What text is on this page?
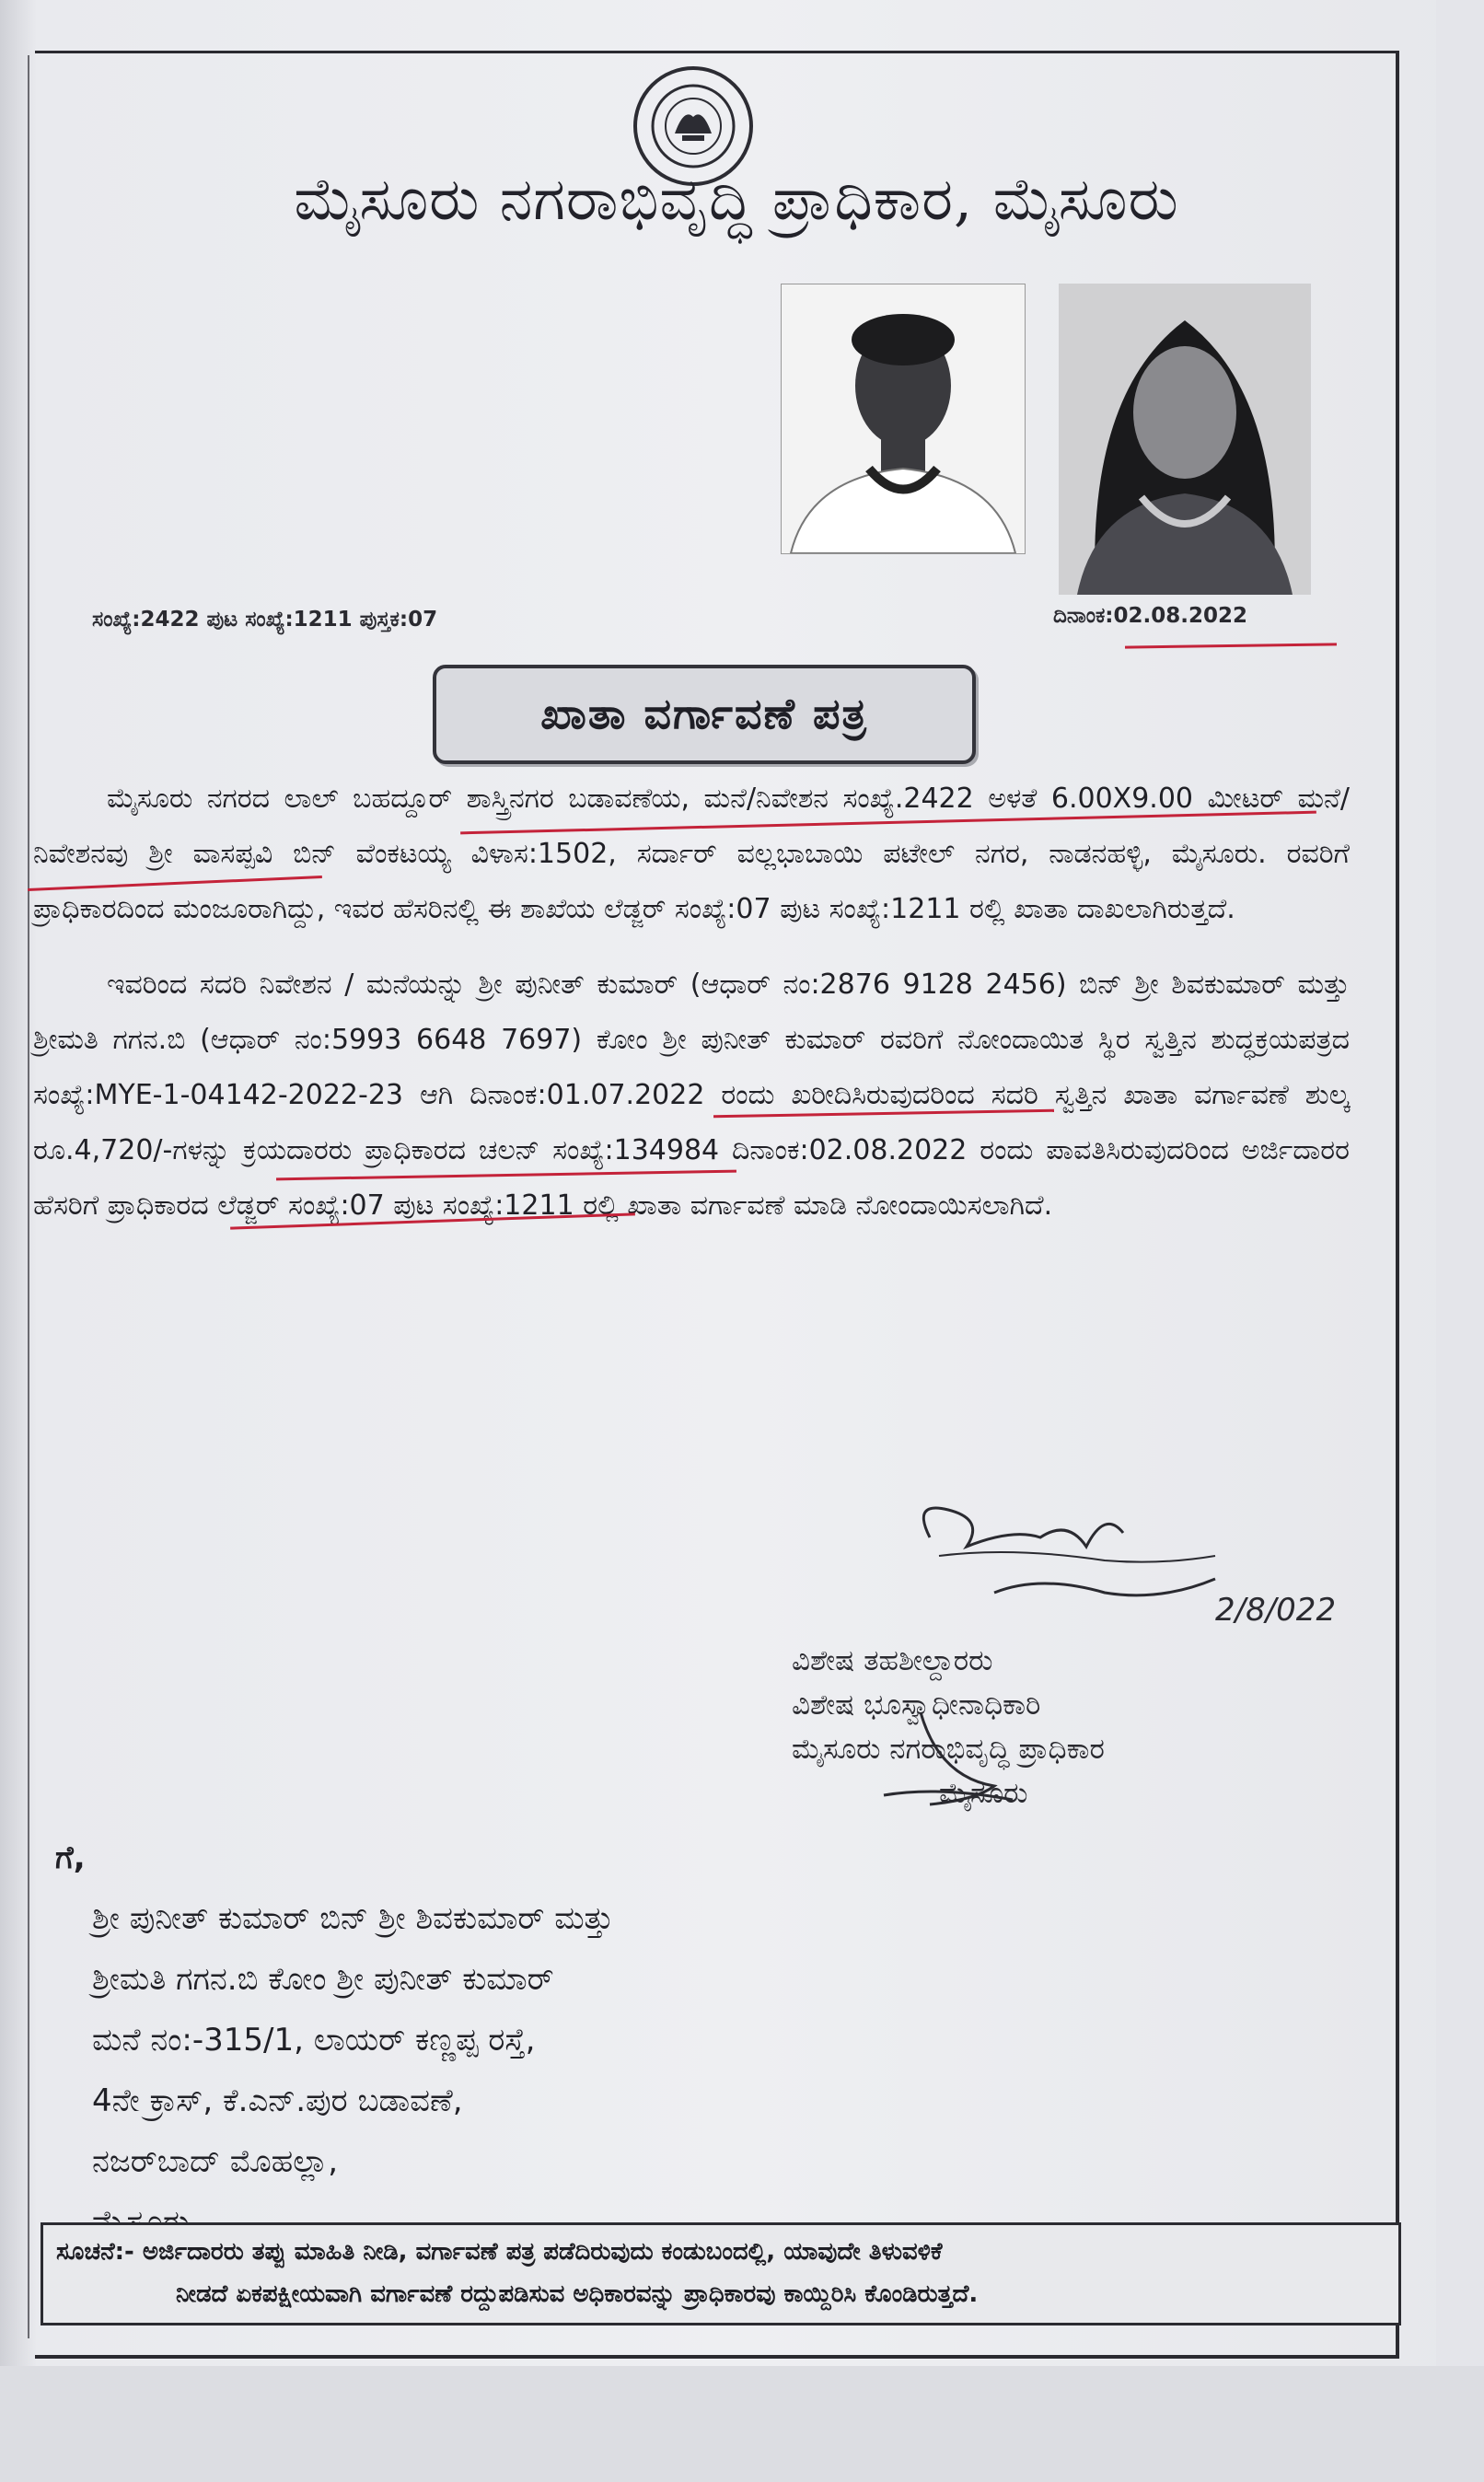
ಮೈಸೂರು ನಗರಾಭಿವೃದ್ಧಿ ಪ್ರಾಧಿಕಾರ, ಮೈಸೂರು
ಸಂಖ್ಯೆ:2422 ಪುಟ ಸಂಖ್ಯೆ:1211 ಪುಸ್ತಕ:07	ದಿನಾಂಕ:02.08.2022
ಖಾತಾ ವರ್ಗಾವಣೆ ಪತ್ರ

ಮೈಸೂರು ನಗರದ ಲಾಲ್ ಬಹದ್ದೂರ್ ಶಾಸ್ತ್ರಿನಗರ ಬಡಾವಣೆಯ, ಮನೆ/ನಿವೇಶನ ಸಂಖ್ಯೆ.2422 ಅಳತೆ 6.00X9.00 ಮೀಟರ್ ಮನೆ/ನಿವೇಶನವು ಶ್ರೀ ವಾಸಪ್ಪವಿ ಬಿನ್ ವೆಂಕಟಯ್ಯ ವಿಳಾಸ:1502, ಸರ್ದಾರ್ ವಲ್ಲಭಾಬಾಯಿ ಪಟೇಲ್ ನಗರ, ನಾಡನಹಳ್ಳಿ, ಮೈಸೂರು. ರವರಿಗೆ ಪ್ರಾಧಿಕಾರದಿಂದ ಮಂಜೂರಾಗಿದ್ದು, ಇವರ ಹೆಸರಿನಲ್ಲಿ ಈ ಶಾಖೆಯ ಲೆಡ್ಜರ್ ಸಂಖ್ಯೆ:07 ಪುಟ ಸಂಖ್ಯೆ:1211 ರಲ್ಲಿ ಖಾತಾ ದಾಖಲಾಗಿರುತ್ತದೆ.

ಇವರಿಂದ ಸದರಿ ನಿವೇಶನ / ಮನೆಯನ್ನು ಶ್ರೀ ಪುನೀತ್ ಕುಮಾರ್ (ಆಧಾರ್ ನಂ:2876 9128 2456) ಬಿನ್ ಶ್ರೀ ಶಿವಕುಮಾರ್ ಮತ್ತು ಶ್ರೀಮತಿ ಗಗನ.ಬಿ (ಆಧಾರ್ ನಂ:5993 6648 7697) ಕೋಂ ಶ್ರೀ ಪುನೀತ್ ಕುಮಾರ್ ರವರಿಗೆ ನೋಂದಾಯಿತ ಸ್ಥಿರ ಸ್ವತ್ತಿನ ಶುದ್ಧಕ್ರಯಪತ್ರದ ಸಂಖ್ಯೆ:MYE-1-04142-2022-23 ಆಗಿ ದಿನಾಂಕ:01.07.2022 ರಂದು ಖರೀದಿಸಿರುವುದರಿಂದ ಸದರಿ ಸ್ವತ್ತಿನ ಖಾತಾ ವರ್ಗಾವಣೆ ಶುಲ್ಕ ರೂ.4,720/-ಗಳನ್ನು ಕ್ರಯದಾರರು ಪ್ರಾಧಿಕಾರದ ಚಲನ್ ಸಂಖ್ಯೆ:134984 ದಿನಾಂಕ:02.08.2022 ರಂದು ಪಾವತಿಸಿರುವುದರಿಂದ ಅರ್ಜಿದಾರರ ಹೆಸರಿಗೆ ಪ್ರಾಧಿಕಾರದ ಲೆಡ್ಜರ್ ಸಂಖ್ಯೆ:07 ಪುಟ ಸಂಖ್ಯೆ:1211 ರಲ್ಲಿ ಖಾತಾ ವರ್ಗಾವಣೆ ಮಾಡಿ ನೋಂದಾಯಿಸಲಾಗಿದೆ.

2/8/022
ವಿಶೇಷ ತಹಶೀಲ್ದಾರರು
ವಿಶೇಷ ಭೂಸ್ವಾಧೀನಾಧಿಕಾರಿ
ಮೈಸೂರು ನಗರಾಭಿವೃದ್ಧಿ ಪ್ರಾಧಿಕಾರ
ಮೈಸೂರು
ಗೆ,
ಶ್ರೀ ಪುನೀತ್ ಕುಮಾರ್ ಬಿನ್ ಶ್ರೀ ಶಿವಕುಮಾರ್ ಮತ್ತು
ಶ್ರೀಮತಿ ಗಗನ.ಬಿ ಕೋಂ ಶ್ರೀ ಪುನೀತ್ ಕುಮಾರ್
ಮನೆ ನಂ:-315/1, ಲಾಯರ್ ಕಣ್ಣಪ್ಪ ರಸ್ತೆ,
4ನೇ ಕ್ರಾಸ್, ಕೆ.ಎನ್.ಪುರ ಬಡಾವಣೆ,
ನಜರ್‌ಬಾದ್ ಮೊಹಲ್ಲಾ,
ಸೂಚನೆ:- ಅರ್ಜಿದಾರರು ತಪ್ಪು ಮಾಹಿತಿ ನೀಡಿ, ವರ್ಗಾವಣೆ ಪತ್ರ ಪಡೆದಿರುವುದು ಕಂಡುಬಂದಲ್ಲಿ, ಯಾವುದೇ ತಿಳುವಳಿಕೆ
ನೀಡದೆ ಏಕಪಕ್ಷೀಯವಾಗಿ ವರ್ಗಾವಣೆ ರದ್ದುಪಡಿಸುವ ಅಧಿಕಾರವನ್ನು ಪ್ರಾಧಿಕಾರವು ಕಾಯ್ದಿರಿಸಿ ಕೊಂಡಿರುತ್ತದೆ.
